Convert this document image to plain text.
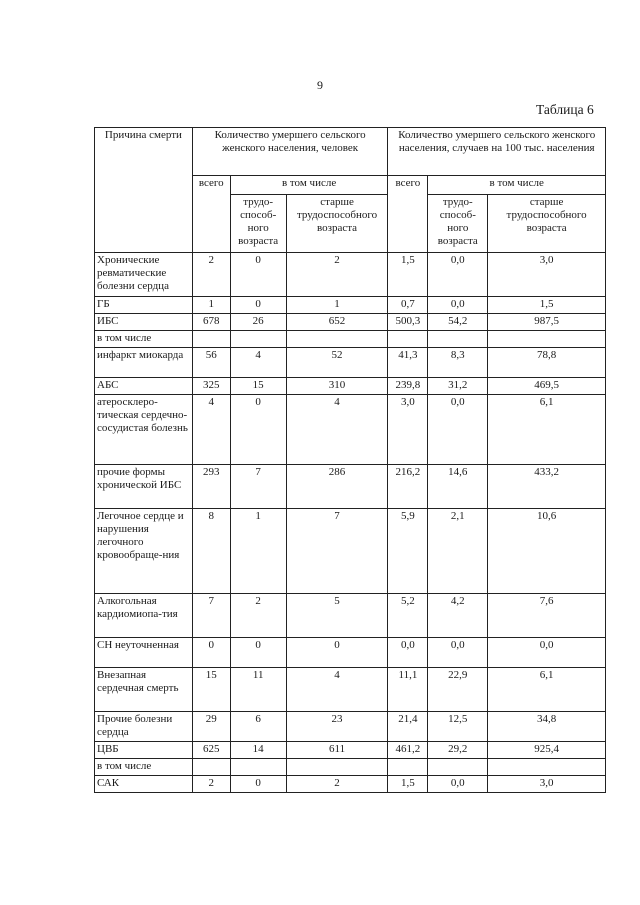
9
Таблица 6
Причина смерти	Количество умершего сельского женского населения, человек			Количество умершего сельского женского населения, случаев на 100 тыс. населения		
	всего	в том числе		всего	в том числе	
		трудо-способ-ного возраста	старше трудоспособного возраста		трудо-способ-ного возраста	старше трудоспособного возраста
Хронические ревматические болезни сердца	2	0	2	1,5	0,0	3,0
ГБ	1	0	1	0,7	0,0	1,5
ИБС	678	26	652	500,3	54,2	987,5
в том числе						
инфаркт миокарда	56	4	52	41,3	8,3	78,8
АБС	325	15	310	239,8	31,2	469,5
атеросклеро-тическая сердечно-сосудистая болезнь	4	0	4	3,0	0,0	6,1
прочие формы хронической ИБС	293	7	286	216,2	14,6	433,2
Легочное сердце и нарушения легочного кровообраще-ния	8	1	7	5,9	2,1	10,6
Алкогольная кардиомиопа-тия	7	2	5	5,2	4,2	7,6
СН неуточненная	0	0	0	0,0	0,0	0,0
Внезапная сердечная смерть	15	11	4	11,1	22,9	6,1
Прочие болезни сердца	29	6	23	21,4	12,5	34,8
ЦВБ	625	14	611	461,2	29,2	925,4
в том числе						
САК	2	0	2	1,5	0,0	3,0
